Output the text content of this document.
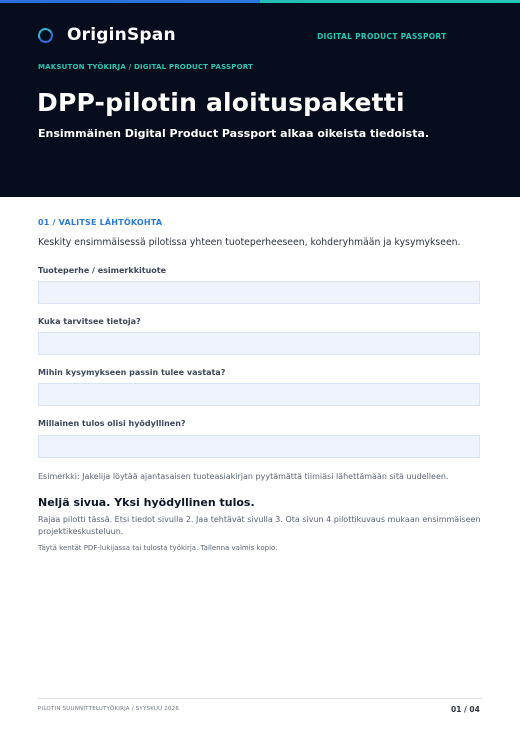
OriginSpan	DIGITAL PRODUCT PASSPORT
MAKSUTON TYÖKIRJA / DIGITAL PRODUCT PASSPORT
DPP-pilotin aloituspaketti

Ensimmäinen Digital Product Passport alkaa oikeista tiedoista.

01 / VALITSE LÄHTÖKOHTA

Keskity ensimmäisessä pilotissa yhteen tuoteperheeseen, kohderyhmään ja kysymykseen.

Tuoteperhe / esimerkkituote
Kuka tarvitsee tietoja?
Mihin kysymykseen passin tulee vastata?
Millainen tulos olisi hyödyllinen?

Esimerkki: Jakelija löytää ajantasaisen tuoteasiakirjan pyytämättä tiimiäsi lähettämään sitä uudelleen.

Neljä sivua. Yksi hyödyllinen tulos.

Rajaa pilotti tässä. Etsi tiedot sivulla 2. Jaa tehtävät sivulla 3. Ota sivun 4 pilottikuvaus mukaan ensimmäiseen projektikeskusteluun.

Täytä kentät PDF-lukijassa tai tulosta työkirja. Tallenna valmis kopio.

PILOTIN SUUNNITTELUTYÖKIRJA / SYYSKUU 2026	01 / 04
